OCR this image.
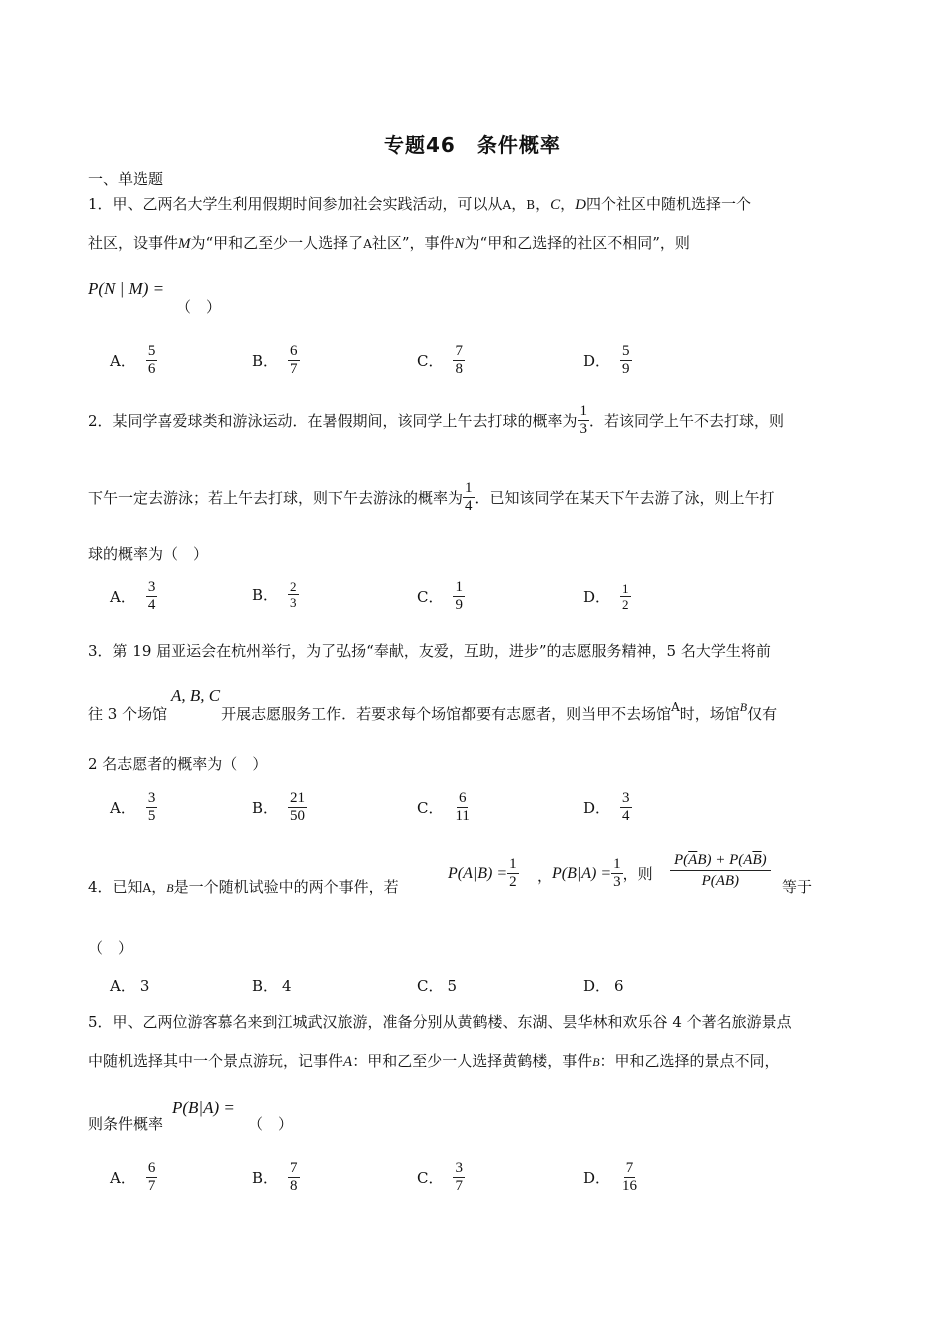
专题46　条件概率
一、单选题
1．甲、乙两名大学生利用假期时间参加社会实践活动，可以从A，B，C，D四个社区中随机选择一个
社区，设事件M为“甲和乙至少一人选择了A社区”，事件N为“甲和乙选择的社区不相同”，则
P(N | M) =
（　）
A． $\frac{5}{6}$	B． $\frac{6}{7}$	C． $\frac{7}{8}$	D． $\frac{5}{9}$
2．某同学喜爱球类和游泳运动．在暑假期间，该同学上午去打球的概率为 $\frac{1}{3}$ ．若该同学上午不去打球，则
下午一定去游泳；若上午去打球，则下午去游泳的概率为 $\frac{1}{4}$ ．已知该同学在某天下午去游了泳，则上午打
球的概率为（　）
A． $\frac{3}{4}$	B． $\frac{2}{3}$	C． $\frac{1}{9}$	D． $\frac{1}{2}$
3．第 19 届亚运会在杭州举行，为了弘扬“奉献，友爱，互助，进步”的志愿服务精神，5 名大学生将前
A, B, C
往 3 个场馆	开展志愿服务工作．若要求每个场馆都要有志愿者，则当甲不去场馆$^A$时，场馆$^B$仅有
2 名志愿者的概率为（　）
A． $\frac{3}{5}$	B． $\frac{21}{50}$	C． $\frac{6}{11}$	D． $\frac{3}{4}$
4．已知A，B是一个随机试验中的两个事件，若
$P(A|B) = \frac{1}{2}$ ， $P(B|A) = \frac{1}{3}$ ，则 $\frac{P(\overline{A}B) + P(A\overline{B})}{P(AB)}$ 等于
（　）
A． 3	B． 4	C． 5	D． 6
5．甲、乙两位游客慕名来到江城武汉旅游，准备分别从黄鹤楼、东湖、昙华林和欢乐谷 4 个著名旅游景点
中随机选择其中一个景点游玩，记事件A：甲和乙至少一人选择黄鹤楼，事件B：甲和乙选择的景点不同，
则条件概率
P(B|A) =
（　）
A． $\frac{6}{7}$	B． $\frac{7}{8}$	C． $\frac{3}{7}$	D． $\frac{7}{16}$
